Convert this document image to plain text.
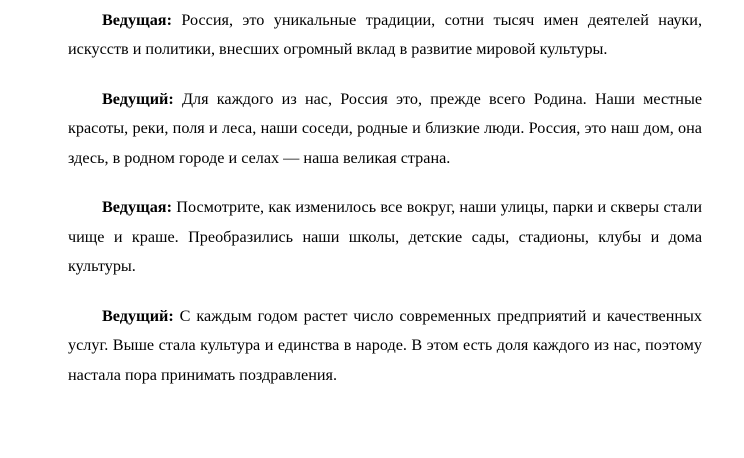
Ведущая: Россия, это уникальные традиции, сотни тысяч имен деятелей науки, искусств и политики, внесших огромный вклад в развитие мировой культуры.

Ведущий: Для каждого из нас, Россия это, прежде всего Родина. Наши местные красоты, реки, поля и леса, наши соседи, родные и близкие люди. Россия, это наш дом, она здесь, в родном городе и селах — наша великая страна.

Ведущая: Посмотрите, как изменилось все вокруг, наши улицы, парки и скверы стали чище и краше. Преобразились наши школы, детские сады, стадионы, клубы и дома культуры.

Ведущий: С каждым годом растет число современных предприятий и качественных услуг. Выше стала культура и единства в народе. В этом есть доля каждого из нас, поэтому настала пора принимать поздравления.
